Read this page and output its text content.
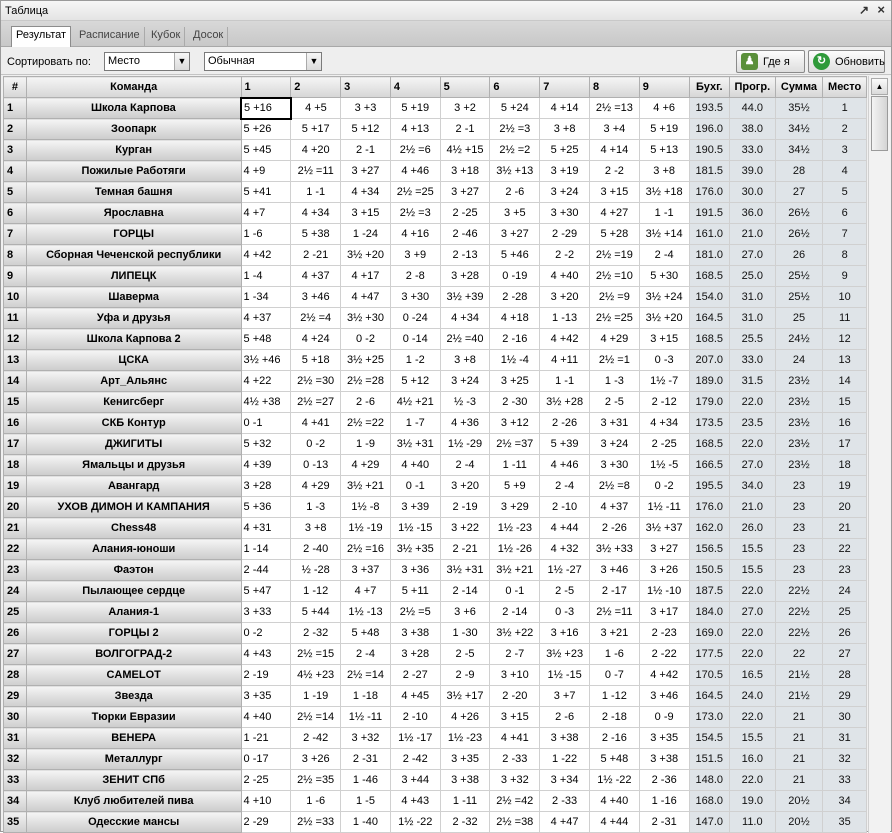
Таблица	↗ ×
Результат	Расписание	Кубок	Досок
Сортировать по:	Место	▼	Обычная	▼	♟ Где я	↻ Обновить
#	Команда	1	2	3	4	5	6	7	8	9	Бухг.	Прогр.	Сумма	Место
1	Школа Карпова	5 +16	4 +5	3 +3	5 +19	3 +2	5 +24	4 +14	2½ =13	4 +6	193.5	44.0	35½	1
2	Зоопарк	5 +26	5 +17	5 +12	4 +13	2 -1	2½ =3	3 +8	3 +4	5 +19	196.0	38.0	34½	2
3	Курган	5 +45	4 +20	2 -1	2½ =6	4½ +15	2½ =2	5 +25	4 +14	5 +13	190.5	33.0	34½	3
4	Пожилые Работяги	4 +9	2½ =11	3 +27	4 +46	3 +18	3½ +13	3 +19	2 -2	3 +8	181.5	39.0	28	4
5	Темная башня	5 +41	1 -1	4 +34	2½ =25	3 +27	2 -6	3 +24	3 +15	3½ +18	176.0	30.0	27	5
6	Ярославна	4 +7	4 +34	3 +15	2½ =3	2 -25	3 +5	3 +30	4 +27	1 -1	191.5	36.0	26½	6
7	ГОРЦЫ	1 -6	5 +38	1 -24	4 +16	2 -46	3 +27	2 -29	5 +28	3½ +14	161.0	21.0	26½	7
8	Сборная Чеченской республики	4 +42	2 -21	3½ +20	3 +9	2 -13	5 +46	2 -2	2½ =19	2 -4	181.0	27.0	26	8
9	ЛИПЕЦК	1 -4	4 +37	4 +17	2 -8	3 +28	0 -19	4 +40	2½ =10	5 +30	168.5	25.0	25½	9
10	Шаверма	1 -34	3 +46	4 +47	3 +30	3½ +39	2 -28	3 +20	2½ =9	3½ +24	154.0	31.0	25½	10
11	Уфа и друзья	4 +37	2½ =4	3½ +30	0 -24	4 +34	4 +18	1 -13	2½ =25	3½ +20	164.5	31.0	25	11
12	Школа Карпова 2	5 +48	4 +24	0 -2	0 -14	2½ =40	2 -16	4 +42	4 +29	3 +15	168.5	25.5	24½	12
13	ЦСКА	3½ +46	5 +18	3½ +25	1 -2	3 +8	1½ -4	4 +11	2½ =1	0 -3	207.0	33.0	24	13
14	Арт_Альянс	4 +22	2½ =30	2½ =28	5 +12	3 +24	3 +25	1 -1	1 -3	1½ -7	189.0	31.5	23½	14
15	Кенигсберг	4½ +38	2½ =27	2 -6	4½ +21	½ -3	2 -30	3½ +28	2 -5	2 -12	179.0	22.0	23½	15
16	СКБ Контур	0 -1	4 +41	2½ =22	1 -7	4 +36	3 +12	2 -26	3 +31	4 +34	173.5	23.5	23½	16
17	ДЖИГИТЫ	5 +32	0 -2	1 -9	3½ +31	1½ -29	2½ =37	5 +39	3 +24	2 -25	168.5	22.0	23½	17
18	Ямальцы и друзья	4 +39	0 -13	4 +29	4 +40	2 -4	1 -11	4 +46	3 +30	1½ -5	166.5	27.0	23½	18
19	Авангард	3 +28	4 +29	3½ +21	0 -1	3 +20	5 +9	2 -4	2½ =8	0 -2	195.5	34.0	23	19
20	УХОВ ДИМОН И КАМПАНИЯ	5 +36	1 -3	1½ -8	3 +39	2 -19	3 +29	2 -10	4 +37	1½ -11	176.0	21.0	23	20
21	Chess48	4 +31	3 +8	1½ -19	1½ -15	3 +22	1½ -23	4 +44	2 -26	3½ +37	162.0	26.0	23	21
22	Алания-юноши	1 -14	2 -40	2½ =16	3½ +35	2 -21	1½ -26	4 +32	3½ +33	3 +27	156.5	15.5	23	22
23	Фаэтон	2 -44	½ -28	3 +37	3 +36	3½ +31	3½ +21	1½ -27	3 +46	3 +26	150.5	15.5	23	23
24	Пылающее сердце	5 +47	1 -12	4 +7	5 +11	2 -14	0 -1	2 -5	2 -17	1½ -10	187.5	22.0	22½	24
25	Алания-1	3 +33	5 +44	1½ -13	2½ =5	3 +6	2 -14	0 -3	2½ =11	3 +17	184.0	27.0	22½	25
26	ГОРЦЫ 2	0 -2	2 -32	5 +48	3 +38	1 -30	3½ +22	3 +16	3 +21	2 -23	169.0	22.0	22½	26
27	ВОЛГОГРАД-2	4 +43	2½ =15	2 -4	3 +28	2 -5	2 -7	3½ +23	1 -6	2 -22	177.5	22.0	22	27
28	CAMELOT	2 -19	4½ +23	2½ =14	2 -27	2 -9	3 +10	1½ -15	0 -7	4 +42	170.5	16.5	21½	28
29	Звезда	3 +35	1 -19	1 -18	4 +45	3½ +17	2 -20	3 +7	1 -12	3 +46	164.5	24.0	21½	29
30	Тюрки Евразии	4 +40	2½ =14	1½ -11	2 -10	4 +26	3 +15	2 -6	2 -18	0 -9	173.0	22.0	21	30
31	ВЕНЕРА	1 -21	2 -42	3 +32	1½ -17	1½ -23	4 +41	3 +38	2 -16	3 +35	154.5	15.5	21	31
32	Металлург	0 -17	3 +26	2 -31	2 -42	3 +35	2 -33	1 -22	5 +48	3 +38	151.5	16.0	21	32
33	ЗЕНИТ СПб	2 -25	2½ =35	1 -46	3 +44	3 +38	3 +32	3 +34	1½ -22	2 -36	148.0	22.0	21	33
34	Клуб любителей пива	4 +10	1 -6	1 -5	4 +43	1 -11	2½ =42	2 -33	4 +40	1 -16	168.0	19.0	20½	34
35	Одесские мансы	2 -29	2½ =33	1 -40	1½ -22	2 -32	2½ =38	4 +47	4 +44	2 -31	147.0	11.0	20½	35
▲
